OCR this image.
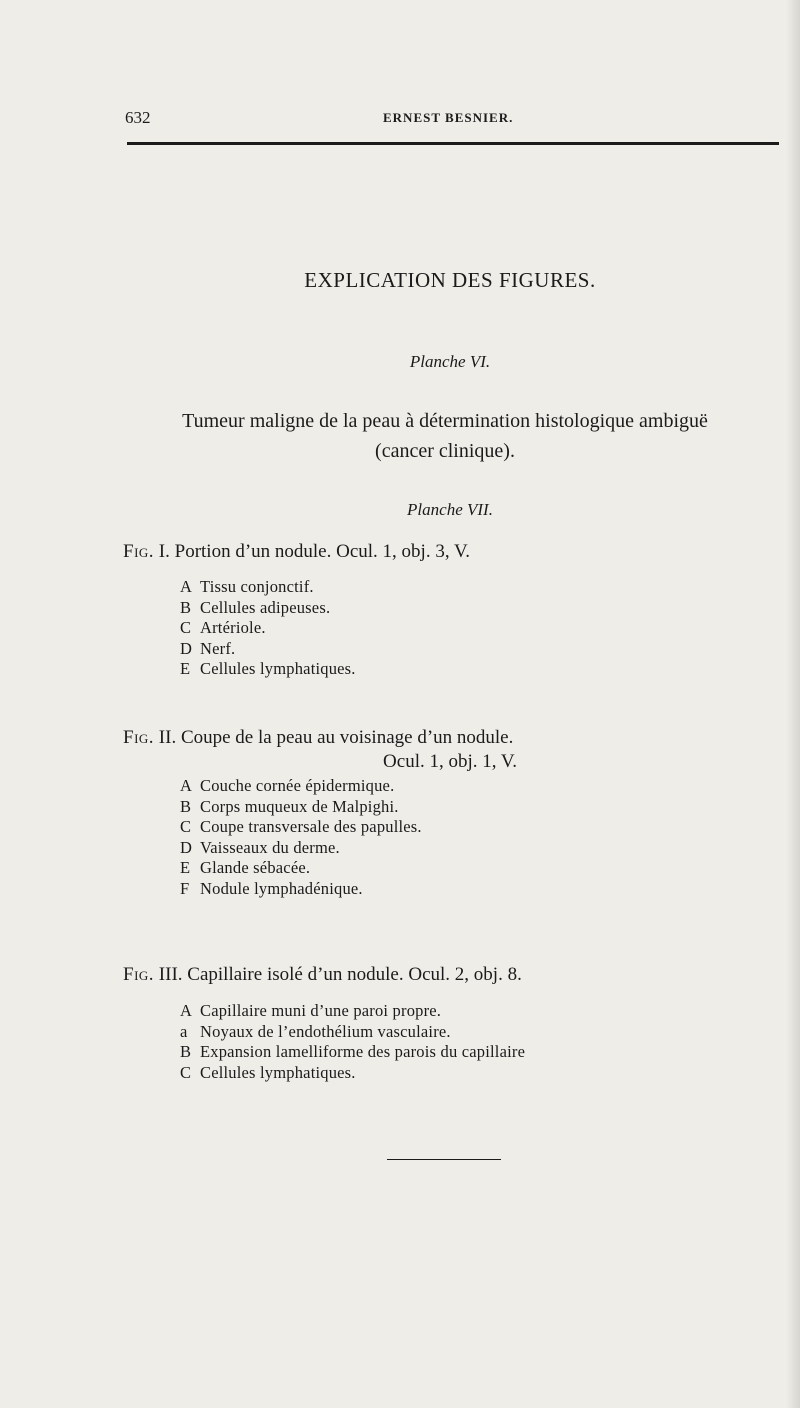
632	ERNEST BESNIER.
EXPLICATION DES FIGURES.
Planche VI.
Tumeur maligne de la peau à détermination histologique ambiguë
(cancer clinique).
Planche VII.
Fig. I. Portion d’un nodule. Ocul. 1, obj. 3, V.
A Tissu conjonctif.
B Cellules adipeuses.
C Artériole.
D Nerf.
E Cellules lymphatiques.
Fig. II. Coupe de la peau au voisinage d’un nodule.
Ocul. 1, obj. 1, V.
A Couche cornée épidermique.
B Corps muqueux de Malpighi.
C Coupe transversale des papulles.
D Vaisseaux du derme.
E Glande sébacée.
F Nodule lymphadénique.
Fig. III. Capillaire isolé d’un nodule. Ocul. 2, obj. 8.
A Capillaire muni d’une paroi propre.
a Noyaux de l’endothélium vasculaire.
B Expansion lamelliforme des parois du capillaire
C Cellules lymphatiques.
